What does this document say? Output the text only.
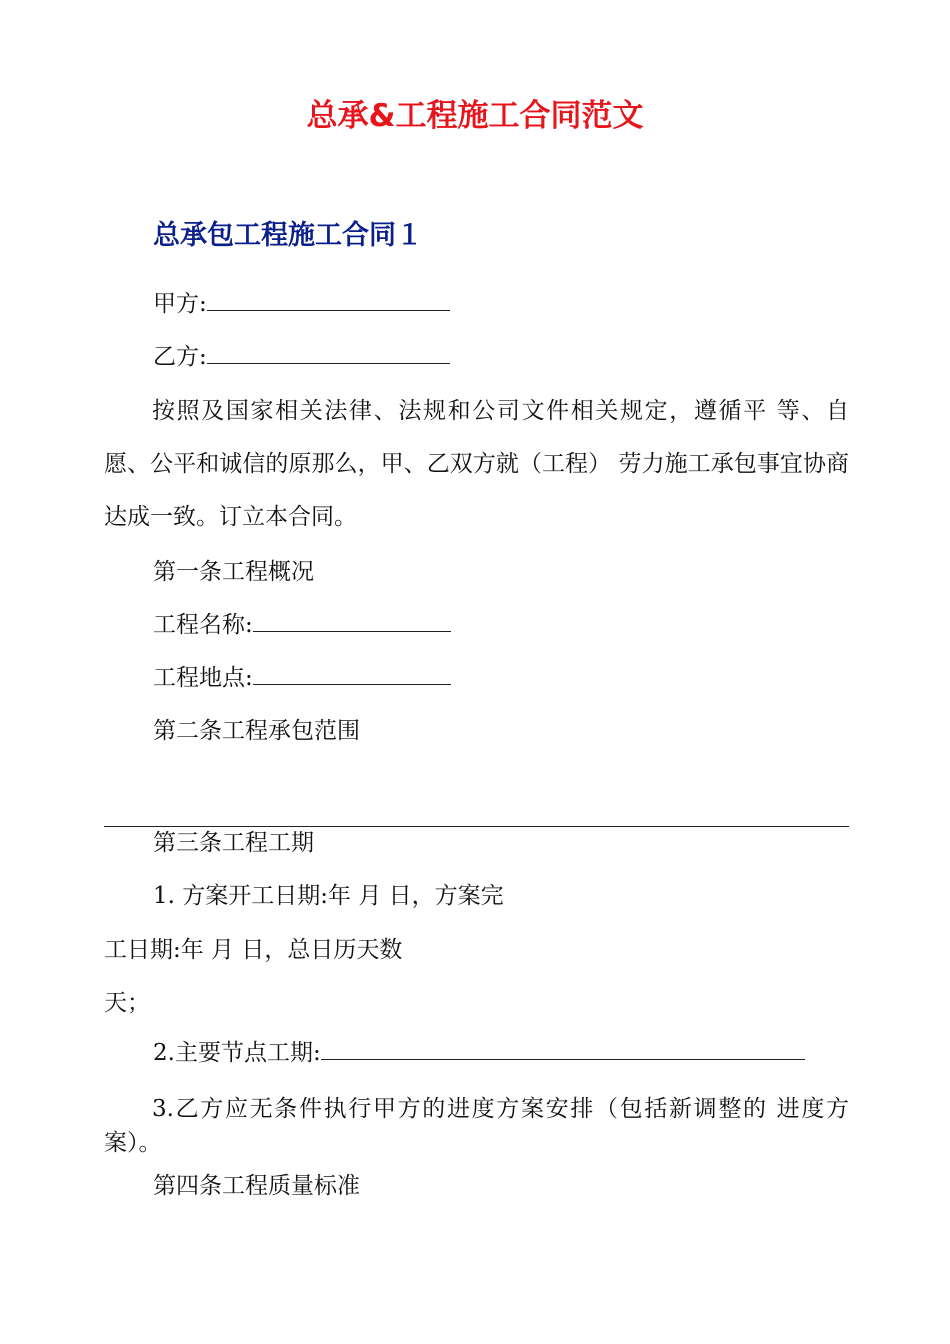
总承&工程施工合同范文
总承包工程施工合同１
甲方:
乙方:

按照及国家相关法律、法规和公司文件相关规定，遵循平 等、自愿、公平和诚信的原那么，甲、乙双方就（工程） 劳力施工承包事宜协商达成一致。订立本合同。

第一条工程概况
工程名称:
工程地点:
第二条工程承包范围
第三条工程工期
1. 方案开工日期:年 月 日，方案完
工日期:年 月 日，总日历天数
天；
2.主要节点工期:

3.乙方应无条件执行甲方的进度方案安排（包括新调整的 进度方案）。

第四条工程质量标准
